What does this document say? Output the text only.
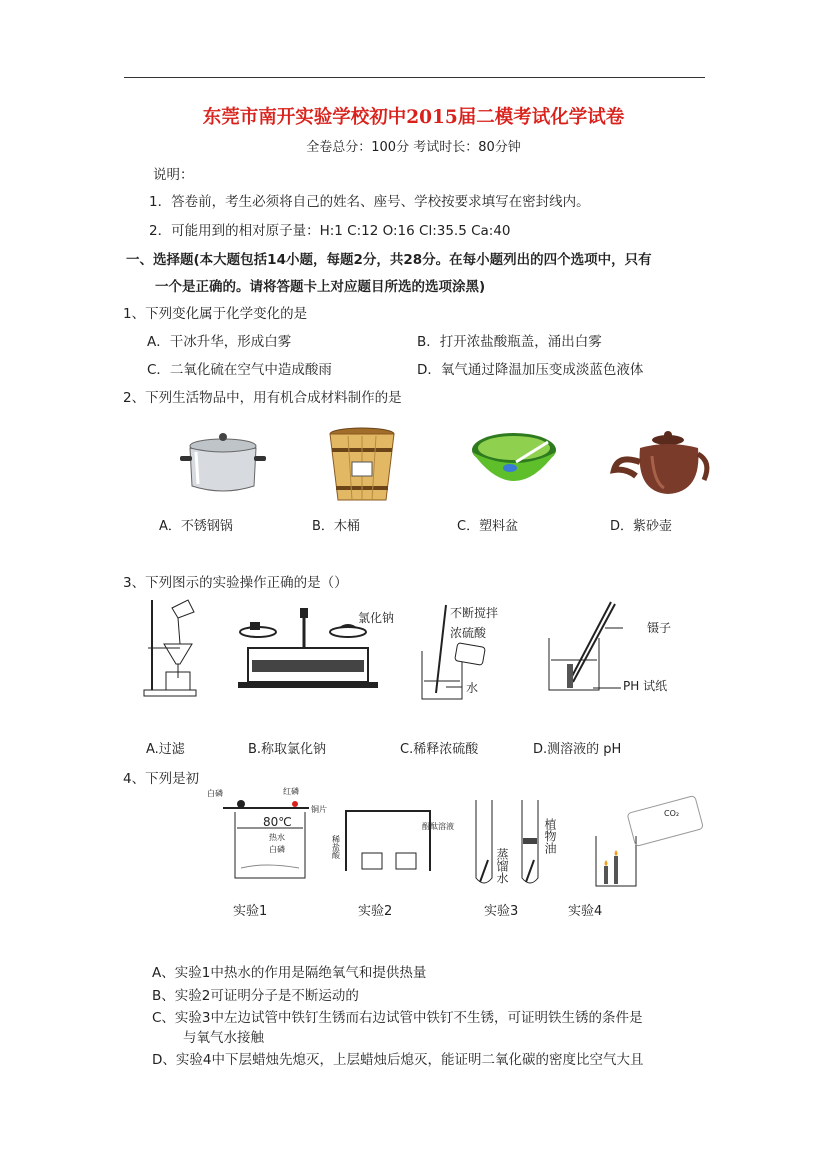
东莞市南开实验学校初中2015届二模考试化学试卷
全卷总分：100分 考试时长：80分钟
说明：
1．答卷前，考生必须将自己的姓名、座号、学校按要求填写在密封线内。
2．可能用到的相对原子量：H:1 C:12 O:16 Cl:35.5 Ca:40
一、选择题(本大题包括14小题，每题2分，共28分。在每小题列出的四个选项中，只有
一个是正确的。请将答题卡上对应题目所选的选项涂黑)
1、下列变化属于化学变化的是
A．干冰升华，形成白雾	B．打开浓盐酸瓶盖，涌出白雾
C．二氧化硫在空气中造成酸雨	D．氧气通过降温加压变成淡蓝色液体
2、下列生活物品中，用有机合成材料制作的是
A．不锈钢锅	B．木桶	C．塑料盆	D．紫砂壶
3、下列图示的实验操作正确的是（）
氯化钠	不断搅拌
浓硫酸
水
镊子
PH 试纸
A.过滤	B.称取氯化钠	C.稀释浓硫酸	D.测溶液的 pH
4、下列是初
白磷	红磷
铜片
80℃
热水
白磷	稀盐酸
酚酞溶液
蒸馏水
植物油
CO₂
实验1	实验2	实验3	实验4
A、实验1中热水的作用是隔绝氧气和提供热量
B、实验2可证明分子是不断运动的
C、实验3中左边试管中铁钉生锈而右边试管中铁钉不生锈，可证明铁生锈的条件是
与氧气水接触
D、实验4中下层蜡烛先熄灭，上层蜡烛后熄灭，能证明二氧化碳的密度比空气大且
